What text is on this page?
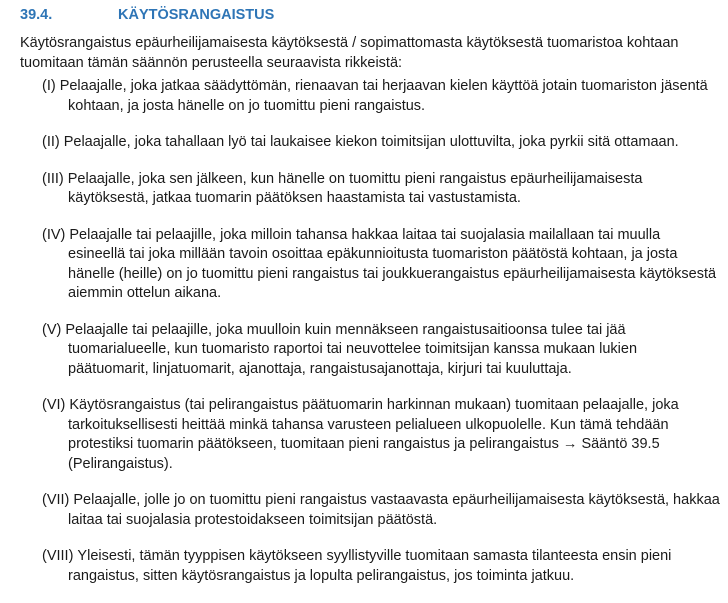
39.4.	KÄYTÖSRANGAISTUS

Käytösrangaistus epäurheilijamaisesta käytöksestä / sopimattomasta käytöksestä tuomaristoa kohtaan tuomitaan tämän säännön perusteella seuraavista rikkeistä:

(I) Pelaajalle, joka jatkaa säädyttömän, rienaavan tai herjaavan kielen käyttöä jotain tuomariston jäsentä kohtaan, ja josta hänelle on jo tuomittu pieni rangaistus.
(II) Pelaajalle, joka tahallaan lyö tai laukaisee kiekon toimitsijan ulottuvilta, joka pyrkii sitä ottamaan.
(III) Pelaajalle, joka sen jälkeen, kun hänelle on tuomittu pieni rangaistus epäurheilijamaisesta käytöksestä, jatkaa tuomarin päätöksen haastamista tai vastustamista.
(IV) Pelaajalle tai pelaajille, joka milloin tahansa hakkaa laitaa tai suojalasia mailallaan tai muulla esineellä tai joka millään tavoin osoittaa epäkunnioitusta tuomariston päätöstä kohtaan, ja josta hänelle (heille) on jo tuomittu pieni rangaistus tai joukkuerangaistus epäurheilijamaisesta käytöksestä aiemmin ottelun aikana.
(V) Pelaajalle tai pelaajille, joka muulloin kuin mennäkseen rangaistusaitioonsa tulee tai jää tuomarialueelle, kun tuomaristo raportoi tai neuvottelee toimitsijan kanssa mukaan lukien päätuomarit, linjatuomarit, ajanottaja, rangaistusajanottaja, kirjuri tai kuuluttaja.
(VI) Käytösrangaistus (tai pelirangaistus päätuomarin harkinnan mukaan) tuomitaan pelaajalle, joka tarkoituksellisesti heittää minkä tahansa varusteen pelialueen ulkopuolelle. Kun tämä tehdään protestiksi tuomarin päätökseen, tuomitaan pieni rangaistus ja pelirangaistus → Sääntö 39.5 (Pelirangaistus).
(VII) Pelaajalle, jolle jo on tuomittu pieni rangaistus vastaavasta epäurheilijamaisesta käytöksestä, hakkaa laitaa tai suojalasia protestoidakseen toimitsijan päätöstä.
(VIII) Yleisesti, tämän tyyppisen käytökseen syyllistyville tuomitaan samasta tilanteesta ensin pieni rangaistus, sitten käytösrangaistus ja lopulta pelirangaistus, jos toiminta jatkuu.
